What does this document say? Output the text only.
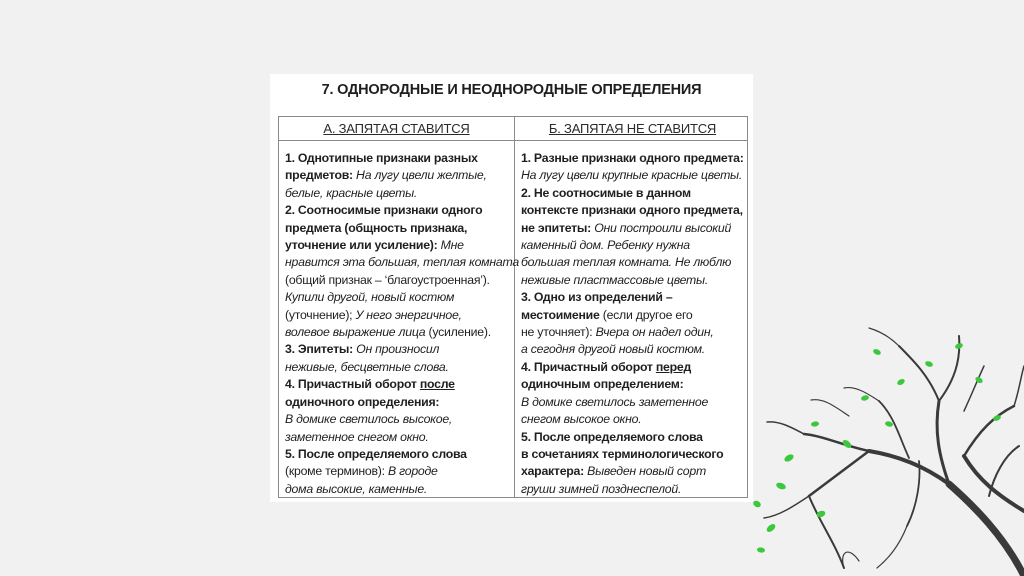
7. ОДНОРОДНЫЕ И НЕОДНОРОДНЫЕ ОПРЕДЕЛЕНИЯ
А. ЗАПЯТАЯ СТАВИТСЯ	Б. ЗАПЯТАЯ НЕ СТАВИТСЯ
1. Однотипные признаки разных
предметов: На лугу цвели желтые,
белые, красные цветы.
2. Соотносимые признаки одного
предмета (общность признака,
уточнение или усиление): Мне
нравится эта большая, теплая комната
(общий признак – ‘благоустроенная’).
Купили другой, новый костюм
(уточнение); У него энергичное,
волевое выражение лица (усиление).
3. Эпитеты: Он произносил
неживые, бесцветные слова.
4. Причастный оборот после
одиночного определения:
В домике светилось высокое,
заметенное снегом окно.
5. После определяемого слова
(кроме терминов): В городе
дома высокие, каменные.
1. Разные признаки одного предмета:
На лугу цвели крупные красные цветы.
2. Не соотносимые в данном
контексте признаки одного предмета,
не эпитеты: Они построили высокий
каменный дом. Ребенку нужна
большая теплая комната. Не люблю
неживые пластмассовые цветы.
3. Одно из определений –
местоимение (если другое его
не уточняет): Вчера он надел один,
а сегодня другой новый костюм.
4. Причастный оборот перед
одиночным определением:
В домике светилось заметенное
снегом высокое окно.
5. После определяемого слова
в сочетаниях терминологического
характера: Выведен новый сорт
груши зимней позднеспелой.
